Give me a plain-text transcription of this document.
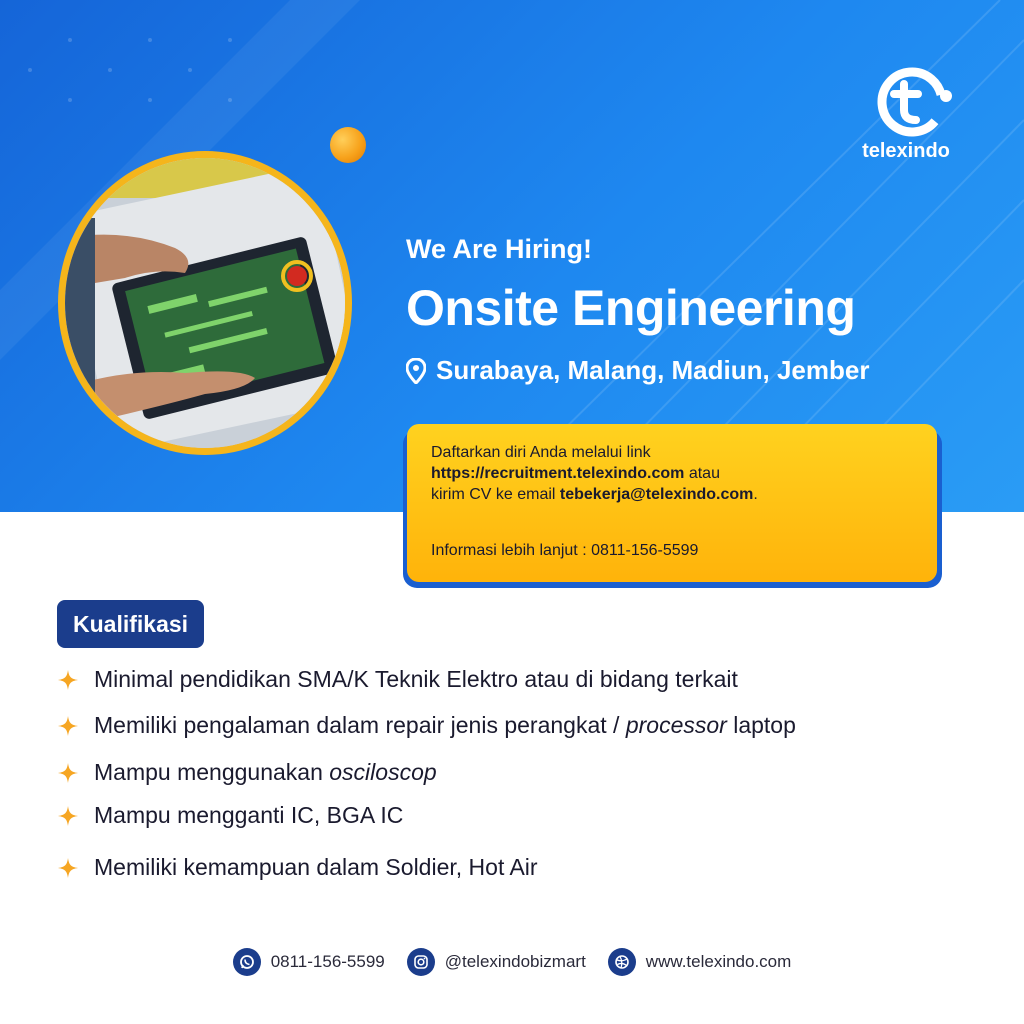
telexindo
We Are Hiring!
Onsite Engineering
Surabaya, Malang, Madiun, Jember
Daftarkan diri Anda melalui link
https://recruitment.telexindo.com atau
kirim CV ke email tebekerja@telexindo.com.
Informasi lebih lanjut : 0811-156-5599
Kualifikasi
Minimal pendidikan SMA/K Teknik Elektro atau di bidang terkait
Memiliki pengalaman dalam repair jenis perangkat / processor laptop
Mampu menggunakan osciloscop
Mampu mengganti IC, BGA IC
Memiliki kemampuan dalam Soldier, Hot Air
0811-156-5599	@telexindobizmart	www.telexindo.com
